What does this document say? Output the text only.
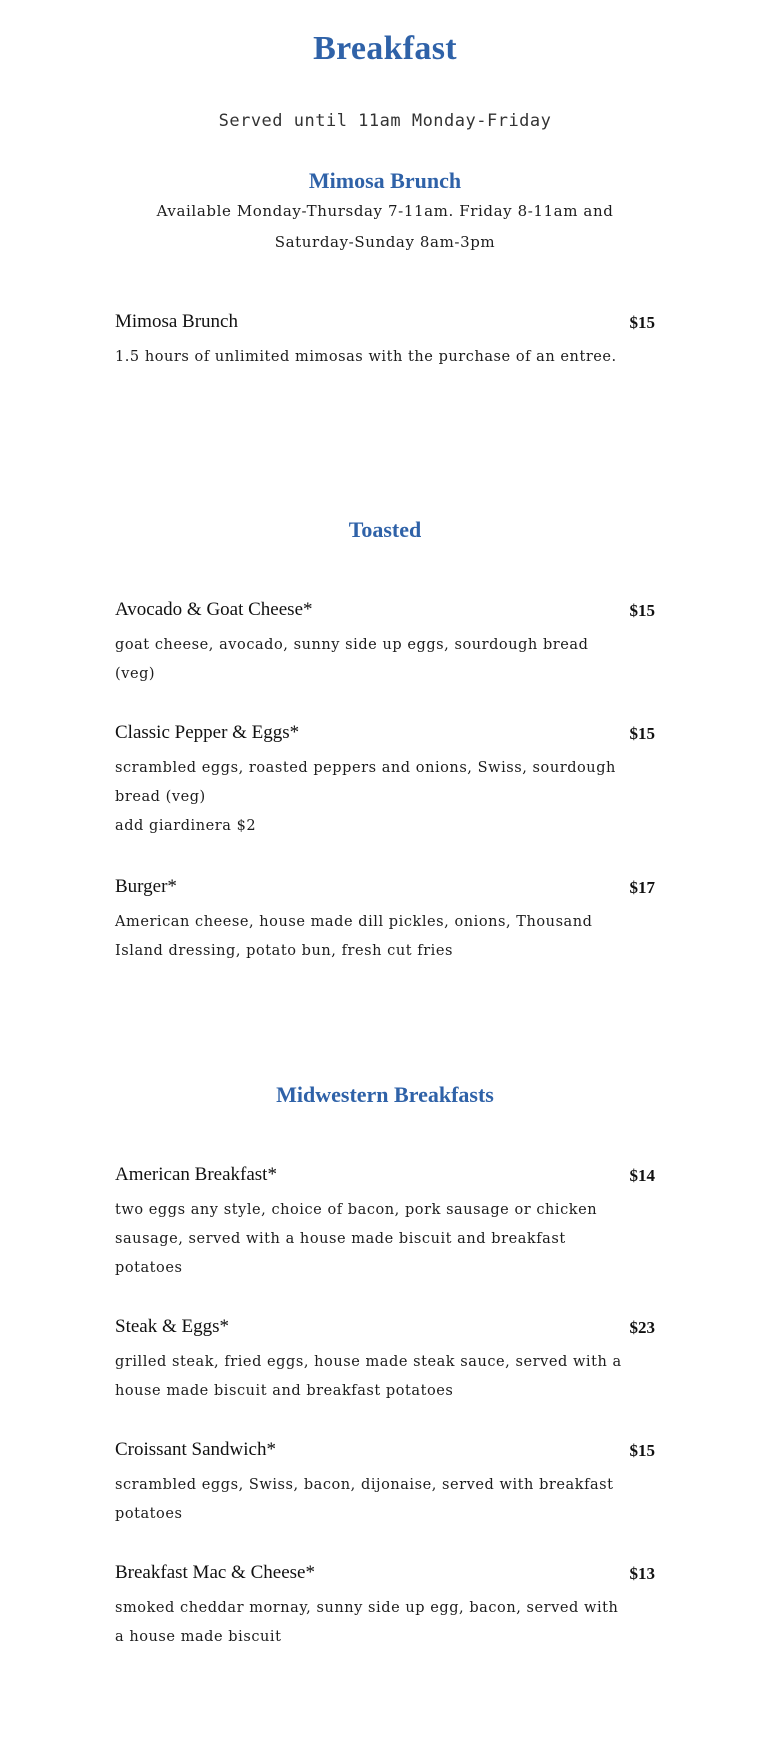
Breakfast
Served until 11am Monday-Friday
Mimosa Brunch
Available Monday-Thursday 7-11am. Friday 8-11am and Saturday-Sunday 8am-3pm
Mimosa Brunch	$15
1.5 hours of unlimited mimosas with the purchase of an entree.
Toasted
Avocado & Goat Cheese*	$15
goat cheese, avocado, sunny side up eggs, sourdough bread (veg)
Classic Pepper & Eggs*	$15
scrambled eggs, roasted peppers and onions, Swiss, sourdough bread (veg)
add giardinera $2
Burger*	$17
American cheese, house made dill pickles, onions, Thousand Island dressing, potato bun, fresh cut fries
Midwestern Breakfasts
American Breakfast*	$14
two eggs any style, choice of bacon, pork sausage or chicken sausage, served with a house made biscuit and breakfast potatoes
Steak & Eggs*	$23
grilled steak, fried eggs, house made steak sauce, served with a house made biscuit and breakfast potatoes
Croissant Sandwich*	$15
scrambled eggs, Swiss, bacon, dijonaise, served with breakfast potatoes
Breakfast Mac & Cheese*	$13
smoked cheddar mornay, sunny side up egg, bacon, served with a house made biscuit
